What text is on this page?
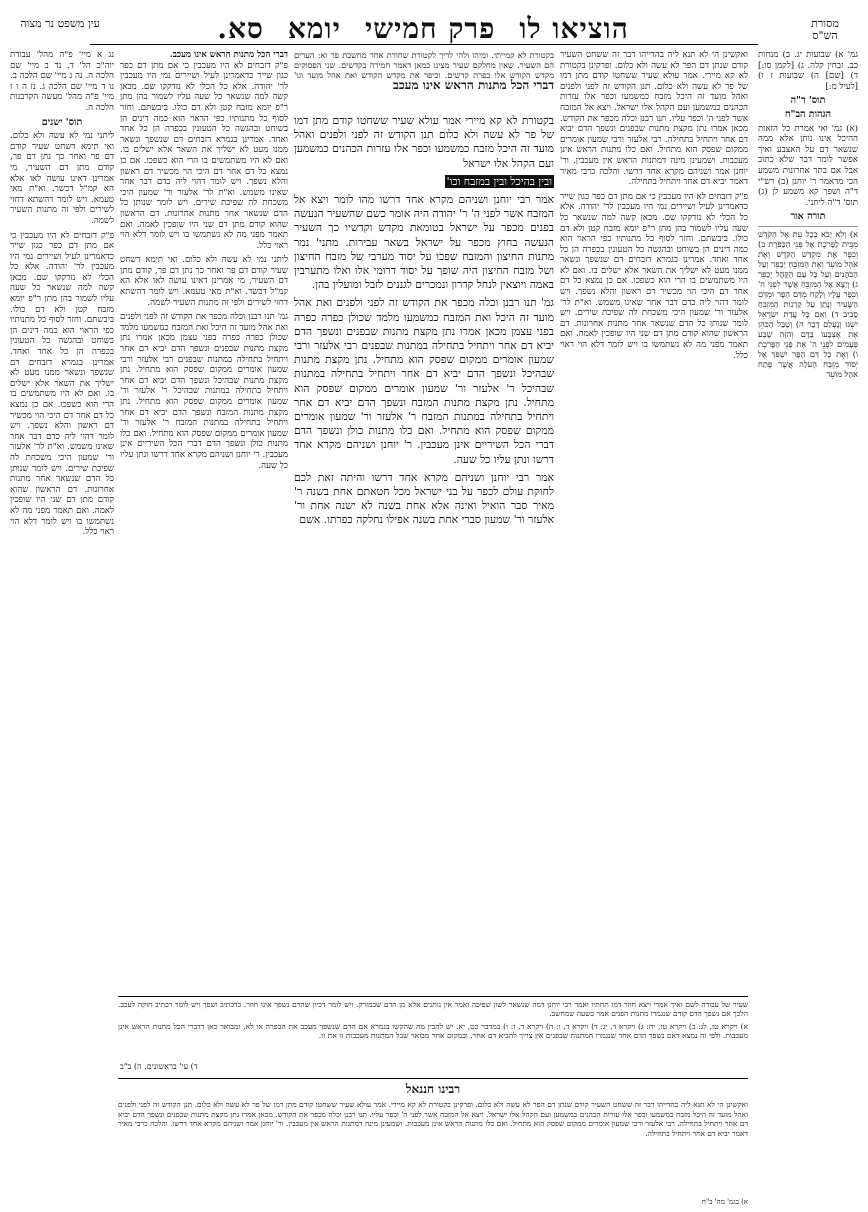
מסורת הש"ס
הוציאו לו
פרק חמישי
יומא
סא.
עין משפט נר מצוה

גמ' א) שבועות יג. ב) מנחות כב. זבחין קלה. ג) [לקמן סו:] ד) [שם] ה) שבועות ז ו) [לעיל מ:]

תוס' ד"ה
הגהות הב"ח

(א) גמ' ואי אמרת כל הזאות ההיכל אינו נותן אלא ממה שנשאר דם על האצבע ואיך אפשר לומר דבר שלא כתוב אבל אם בתר אחרונות משמע הכי מדאמר ר' יוחנן (ב) רש"י ד"ה ושפך קא משמע לן (ג) תוס' ד"ה ליתני.

תורה אור

א) וְלֹא יָבֹא בְכָל עֵת אֶל הַקֹּדֶשׁ מִבֵּית לַפָּרֹכֶת אֶל פְּנֵי הַכַּפֹּרֶת ב) וְכִפֶּר אֶת מִקְדַּשׁ הַקֹּדֶשׁ וְאֶת אֹהֶל מוֹעֵד וְאֶת הַמִּזְבֵּחַ יְכַפֵּר וְעַל הַכֹּהֲנִים וְעַל כָּל עַם הַקָּהָל יְכַפֵּר ג) וְיָצָא אֶל הַמִּזְבֵּחַ אֲשֶׁר לִפְנֵי ה' וְכִפֶּר עָלָיו וְלָקַח מִדַּם הַפָּר וּמִדַּם הַשָּׂעִיר וְנָתַן עַל קַרְנוֹת הַמִּזְבֵּחַ סָבִיב ד) וְאִם כָּל עֲדַת יִשְׂרָאֵל יִשְׁגּוּ וְנֶעְלַם דָּבָר ה) וְטָבַל הַכֹּהֵן אֶת אֶצְבָּעוֹ בַּדָּם וְהִזָּה שֶׁבַע פְּעָמִים לִפְנֵי ה' אֶת פְּנֵי הַפָּרֹכֶת ו) וְאֶת כָּל דַּם הַפָּר יִשְׁפֹּךְ אֶל יְסוֹד מִזְבַּח הָעֹלָה אֲשֶׁר פֶּתַח אֹהֶל מוֹעֵד

ואקשינן הי לא תנא ליה בהדייהו דבר זה ששחט השעיר קודם שנתן דם הפר לא עשה ולא כלום. ופרקינן בקטורת לא קא מיירי. אמר עולא שעיר ששחטו קודם מתן דמו של פר לא עשה ולא כלום. תנן הקודש זה לפני ולפנים ואהל מועד זה היכל מזבח כמשמעו וכפר אלו עזרות הכהנים כמשמען ועם הקהל אלו ישראל. ויצא אל המזבח אשר לפני ה' וכפר עליו. תנו רבנן וכלה מכפר את הקודש. מכאן אמרו נתן מקצת מתנות שבפנים ונשפך הדם יביא דם אחר ויתחיל בתחילה. רבי אלעזר ורבי שמעון אומרים ממקום שפסק הוא מתחיל. ואם כלו מתנות הראש אינן מעכבות. ושמעינן מינה דמתנות הראש אין מעכבין. ור' יוחנן אמר ושניהם מקרא אחד דרשו. והלכה כרבי מאיר דאמר יביא דם אחר ויתחיל בתחילה.

פ"ק דזבחים לא היו מעכבין כי אם מתן דם כפר כגון שייר כדאמרינן לעיל ושיירים נמי היו מעכבין לר' יהודה. אלא כל הכלי לא נזדקקו שם. מכאן קשה למה שנשאר כל שעה עליו לשמור בהן מתן ר"פ יומא מזבח קטן ולא דם כולו. ביבשתם. וחזר לסוף כל מתנותיו כפי הראוי הוא כמה דינים הן בשוחט ובהגשה כל הטעונין בכפרה הן כל אחד ואחד. אמרינן בגמרא דזבחים דם שנשפך ונשאר ממנו מעט לא ישליך את השאר אלא ישלים בו. ואם לא היו משתמשים בו הרי הוא כשפכו. אם כן נמצא כל דם אחר דם היכי הוי מכשיר דם ראשון והלא נשפך. ויש לומר דהוי ליה כדם דבר אחר שאינו משמש. וא"ת לר' אלעזר ור' שמעון היכי משכחת לה שפיכת שירים. ויש לומר שנותן כל הדם שנשאר אחר מתנות אחרונות. דם הראשון שהוא קודם מתן דם שני היו שופכין לאמה. ואם תאמר מפני מה לא נשתמשו בו ויש לומר דלא הוי ראוי כלל.

בקטורת לא קמייתי. ומיהו ולהי לריך לקטורת שחורת אחר מחשבת פר וא: הערים הם השעיר. שאין מחלקם שעיר מצינו כמאן דאמר חמירה בקדשים. שני הפסוקים מקדש הקודש אלו כפרת קדשים. וכיפר את מקדש הקודש ואת אהל מועד וגו' דברי הכל מתנות הראש אינו מעכב

בקטורת לא קא מיירי אמר עולא שעיר ששחטו קודם מתן דמו של פר לא עשה ולא כלום תנן הקודש זה לפני ולפנים ואהל מועד זה היכל מזבח כמשמעו וכפר אלו עזרות הכהנים כמשמען ועם הקהל אלו ישראל

ובין בהיכל ובין במזבח וכו'

אמר רבי יוחנן ושניהם מקרא אחד דרשו מהו לומר ויצא אל המזבח אשר לפני ה' ר' יהודה היה אומר כשם שהשעיר הנעשה בפנים מכפר על ישראל בטומאת מקדש וקדשיו כך השעיר הנעשה בחוץ מכפר על ישראל בשאר עבירות. מתני' נמר מתנות החיצון והמזבח שפכו על יסוד מערבי של מזבח החיצון ושל מזבח החיצון היה שופך על יסוד דרומי אלו ואלו מתערבין באמה ויוצאין לנחל קדרון ונמכרים לגננים לזבל ומועלין בהן.

גמ' תנו רבנן וכלה מכפר את הקודש זה לפני ולפנים ואת אהל מועד זה היכל ואת המזבח כמשמעו מלמד שכולן כפרה כפרה בפני עצמן מכאן אמרו נתן מקצת מתנות שבפנים ונשפך הדם יביא דם אחר ויתחיל בתחילה במתנות שבפנים רבי אלעזר ורבי שמעון אומרים ממקום שפסק הוא מתחיל. נתן מקצת מתנות שבהיכל ונשפך הדם יביא דם אחר ויתחיל בתחילה במתנות שבהיכל ר' אלעזר ור' שמעון אומרים ממקום שפסק הוא מתחיל. נתן מקצת מתנות המזבח ונשפך הדם יביא דם אחר ויתחיל בתחילה במתנות המזבח ר' אלעזר ור' שמעון אומרים ממקום שפסק הוא מתחיל. ואם כלו מתנות כולן ונשפך הדם דברי הכל השיריים אינן מעכבין. ר' יוחנן ושניהם מקרא אחד דרשו ונתן עליו כל שעה.

אמר רבי יוחנן ושניהם מקרא אחד דרשו והיתה זאת לכם לחוקת עולם לכפר על בני ישראל מכל חטאתם אחת בשנה ר' מאיר סבר הואיל ואינה אלא אחת בשנה לא ישנה אחת ור' אלעזר ור' שמעון סברי אחת בשנה אפילו נחלקה כפרתו. אשם

דברי הכל מתנות הראש אינו מעכב.

פ"ק דזבחים לא היו מעכבין כי אם מתן דם כפר כגון שייר כדאמרינן לעיל ושיירים נמי היו מעכבין לר' יהודה. אלא כל הכלי לא נזדקקו שם. מכאן קשה למה שנשאר כל שעה עליו לשמור בהן מתן ר"פ יומא מזבח קטן ולא דם כולו. ביבשתם. וחזר לסוף כל מתנותיו כפי הראוי הוא כמה דינים הן בשוחט ובהגשה כל הטעונין בכפרה הן כל אחד ואחד. אמרינן בגמרא דזבחים דם שנשפך ונשאר ממנו מעט לא ישליך את השאר אלא ישלים בו. ואם לא היו משתמשים בו הרי הוא כשפכו. אם כן נמצא כל דם אחר דם היכי הוי מכשיר דם ראשון והלא נשפך. ויש לומר דהוי ליה כדם דבר אחר שאינו משמש. וא"ת לר' אלעזר ור' שמעון היכי משכחת לה שפיכת שירים. ויש לומר שנותן כל הדם שנשאר אחר מתנות אחרונות. דם הראשון שהוא קודם מתן דם שני היו שופכין לאמה. ואם תאמר מפני מה לא נשתמשו בו ויש לומר דלא הוי ראוי כלל.

ליתני נמי לא עשה ולא כלום. ואי תימא דשחט שעיר קודם דם פר ואחר כך נתן דם פר, קודם מתן דם השעיר, מי אמרינן דאינו עושה לאו אלא הא קמ"ל דכשר. וא"ת מאי טעמא. ויש לומר דהשתא דחזי לשירים ולפי זה מתנות השעיר לשמה.

גמ' תנו רבנן וכלה מכפר את הקודש זה לפני ולפנים ואת אהל מועד זה היכל ואת המזבח כמשמעו מלמד שכולן כפרה כפרה בפני עצמן מכאן אמרו נתן מקצת מתנות שבפנים ונשפך הדם יביא דם אחר ויתחיל בתחילה במתנות שבפנים רבי אלעזר ורבי שמעון אומרים ממקום שפסק הוא מתחיל. נתן מקצת מתנות שבהיכל ונשפך הדם יביא דם אחר ויתחיל בתחילה במתנות שבהיכל ר' אלעזר ור' שמעון אומרים ממקום שפסק הוא מתחיל. נתן מקצת מתנות המזבח ונשפך הדם יביא דם אחר ויתחיל בתחילה במתנות המזבח ר' אלעזר ור' שמעון אומרים ממקום שפסק הוא מתחיל. ואם כלו מתנות כולן ונשפך הדם דברי הכל השיריים אינן מעכבין. ר' יוחנן ושניהם מקרא אחד דרשו ונתן עליו כל שעה.

נג א מיי' פ"ה מהל' עבודת יוה"כ הל' ד. נד ב מיי' שם הלכה ה. נה ג מיי' שם הלכה ב. נו ד מיי' שם הלכה ג. נז ה ו ז מיי' פ"ה מהל' מעשה הקרבנות הלכה ה.

תוס' ישנים

ליתני נמי לא עשה ולא כלום. ואי תימא דשחט שעיר קודם דם פר ואחר כך נתן דם פר, קודם מתן דם השעיר, מי אמרינן דאינו עושה לאו אלא הא קמ"ל דכשר. וא"ת מאי טעמא. ויש לומר דהשתא דחזי לשירים ולפי זה מתנות השעיר לשמה.

פ"ק דזבחים לא היו מעכבין כי אם מתן דם כפר כגון שייר כדאמרינן לעיל ושיירים נמי היו מעכבין לר' יהודה. אלא כל הכלי לא נזדקקו שם. מכאן קשה למה שנשאר כל שעה עליו לשמור בהן מתן ר"פ יומא מזבח קטן ולא דם כולו. ביבשתם. וחזר לסוף כל מתנותיו כפי הראוי הוא כמה דינים הן בשוחט ובהגשה כל הטעונין בכפרה הן כל אחד ואחד. אמרינן בגמרא דזבחים דם שנשפך ונשאר ממנו מעט לא ישליך את השאר אלא ישלים בו. ואם לא היו משתמשים בו הרי הוא כשפכו. אם כן נמצא כל דם אחר דם היכי הוי מכשיר דם ראשון והלא נשפך. ויש לומר דהוי ליה כדם דבר אחר שאינו משמש. וא"ת לר' אלעזר ור' שמעון היכי משכחת לה שפיכת שירים. ויש לומר שנותן כל הדם שנשאר אחר מתנות אחרונות. דם הראשון שהוא קודם מתן דם שני היו שופכין לאמה. ואם תאמר מפני מה לא נשתמשו בו ויש לומר דלא הוי ראוי כלל.

שעיר של עבודה לשם ואיך אמרי ויצא חוזר דמו תחתיו ואמר רבי יוחנן דמה שנשאר לשון שפיכה ואמר אין נותנים אלא מן הדם שבמזרק. ויש לומר דכיון שהדם נשפך אינו חוזר. כדכתיב ושפך ויש לומר דכתיב חוקה לעכב. הלכך אם נשפך הדם קודם שנגמרו מתנות הפנים אמר כשעה שמחשב.
א) ויקרא טז, לג: ב) ויקרא טז, יח: ג) ויקרא ד, יג: ד) ויקרא ד, ו: ה) ויקרא ד, ז: ו) במדבר כט, יא. יש להבין מה שהקשו בגמרא אם הדם שנשפך מעכב את הכפרה או לא, ומבואר כאן דדברי הכל מתנות הראש אינן מעכבות. ולפי זה נמצא דאם נשפך הדם אחר שנגמרו המתנות שבפנים אין צריך להביא דם אחר. ובמקום אחר מבואר שכל המתנות מעכבות זו את זו.
ד) עי' בראשונים. ה) ב"ב
רבינו חננאל
ואקשינן הי לא תנא ליה בהדייהו דבר זה ששחט השעיר קודם שנתן דם הפר לא עשה ולא כלום. ופרקינן בקטורת לא קא מיירי. אמר עולא שעיר ששחטו קודם מתן דמו של פר לא עשה ולא כלום. תנן הקודש זה לפני ולפנים ואהל מועד זה היכל מזבח כמשמעו וכפר אלו עזרות הכהנים כמשמען ועם הקהל אלו ישראל. ויצא אל המזבח אשר לפני ה' וכפר עליו. תנו רבנן וכלה מכפר את הקודש. מכאן אמרו נתן מקצת מתנות שבפנים ונשפך הדם יביא דם אחר ויתחיל בתחילה. רבי אלעזר ורבי שמעון אומרים ממקום שפסק הוא מתחיל. ואם כלו מתנות הראש אינן מעכבות. ושמעינן מינה דמתנות הראש אין מעכבין. ור' יוחנן אמר ושניהם מקרא אחד דרשו. והלכה כרבי מאיר דאמר יביא דם אחר ויתחיל בתחילה.
א) בגמ' מה' ב"ח
